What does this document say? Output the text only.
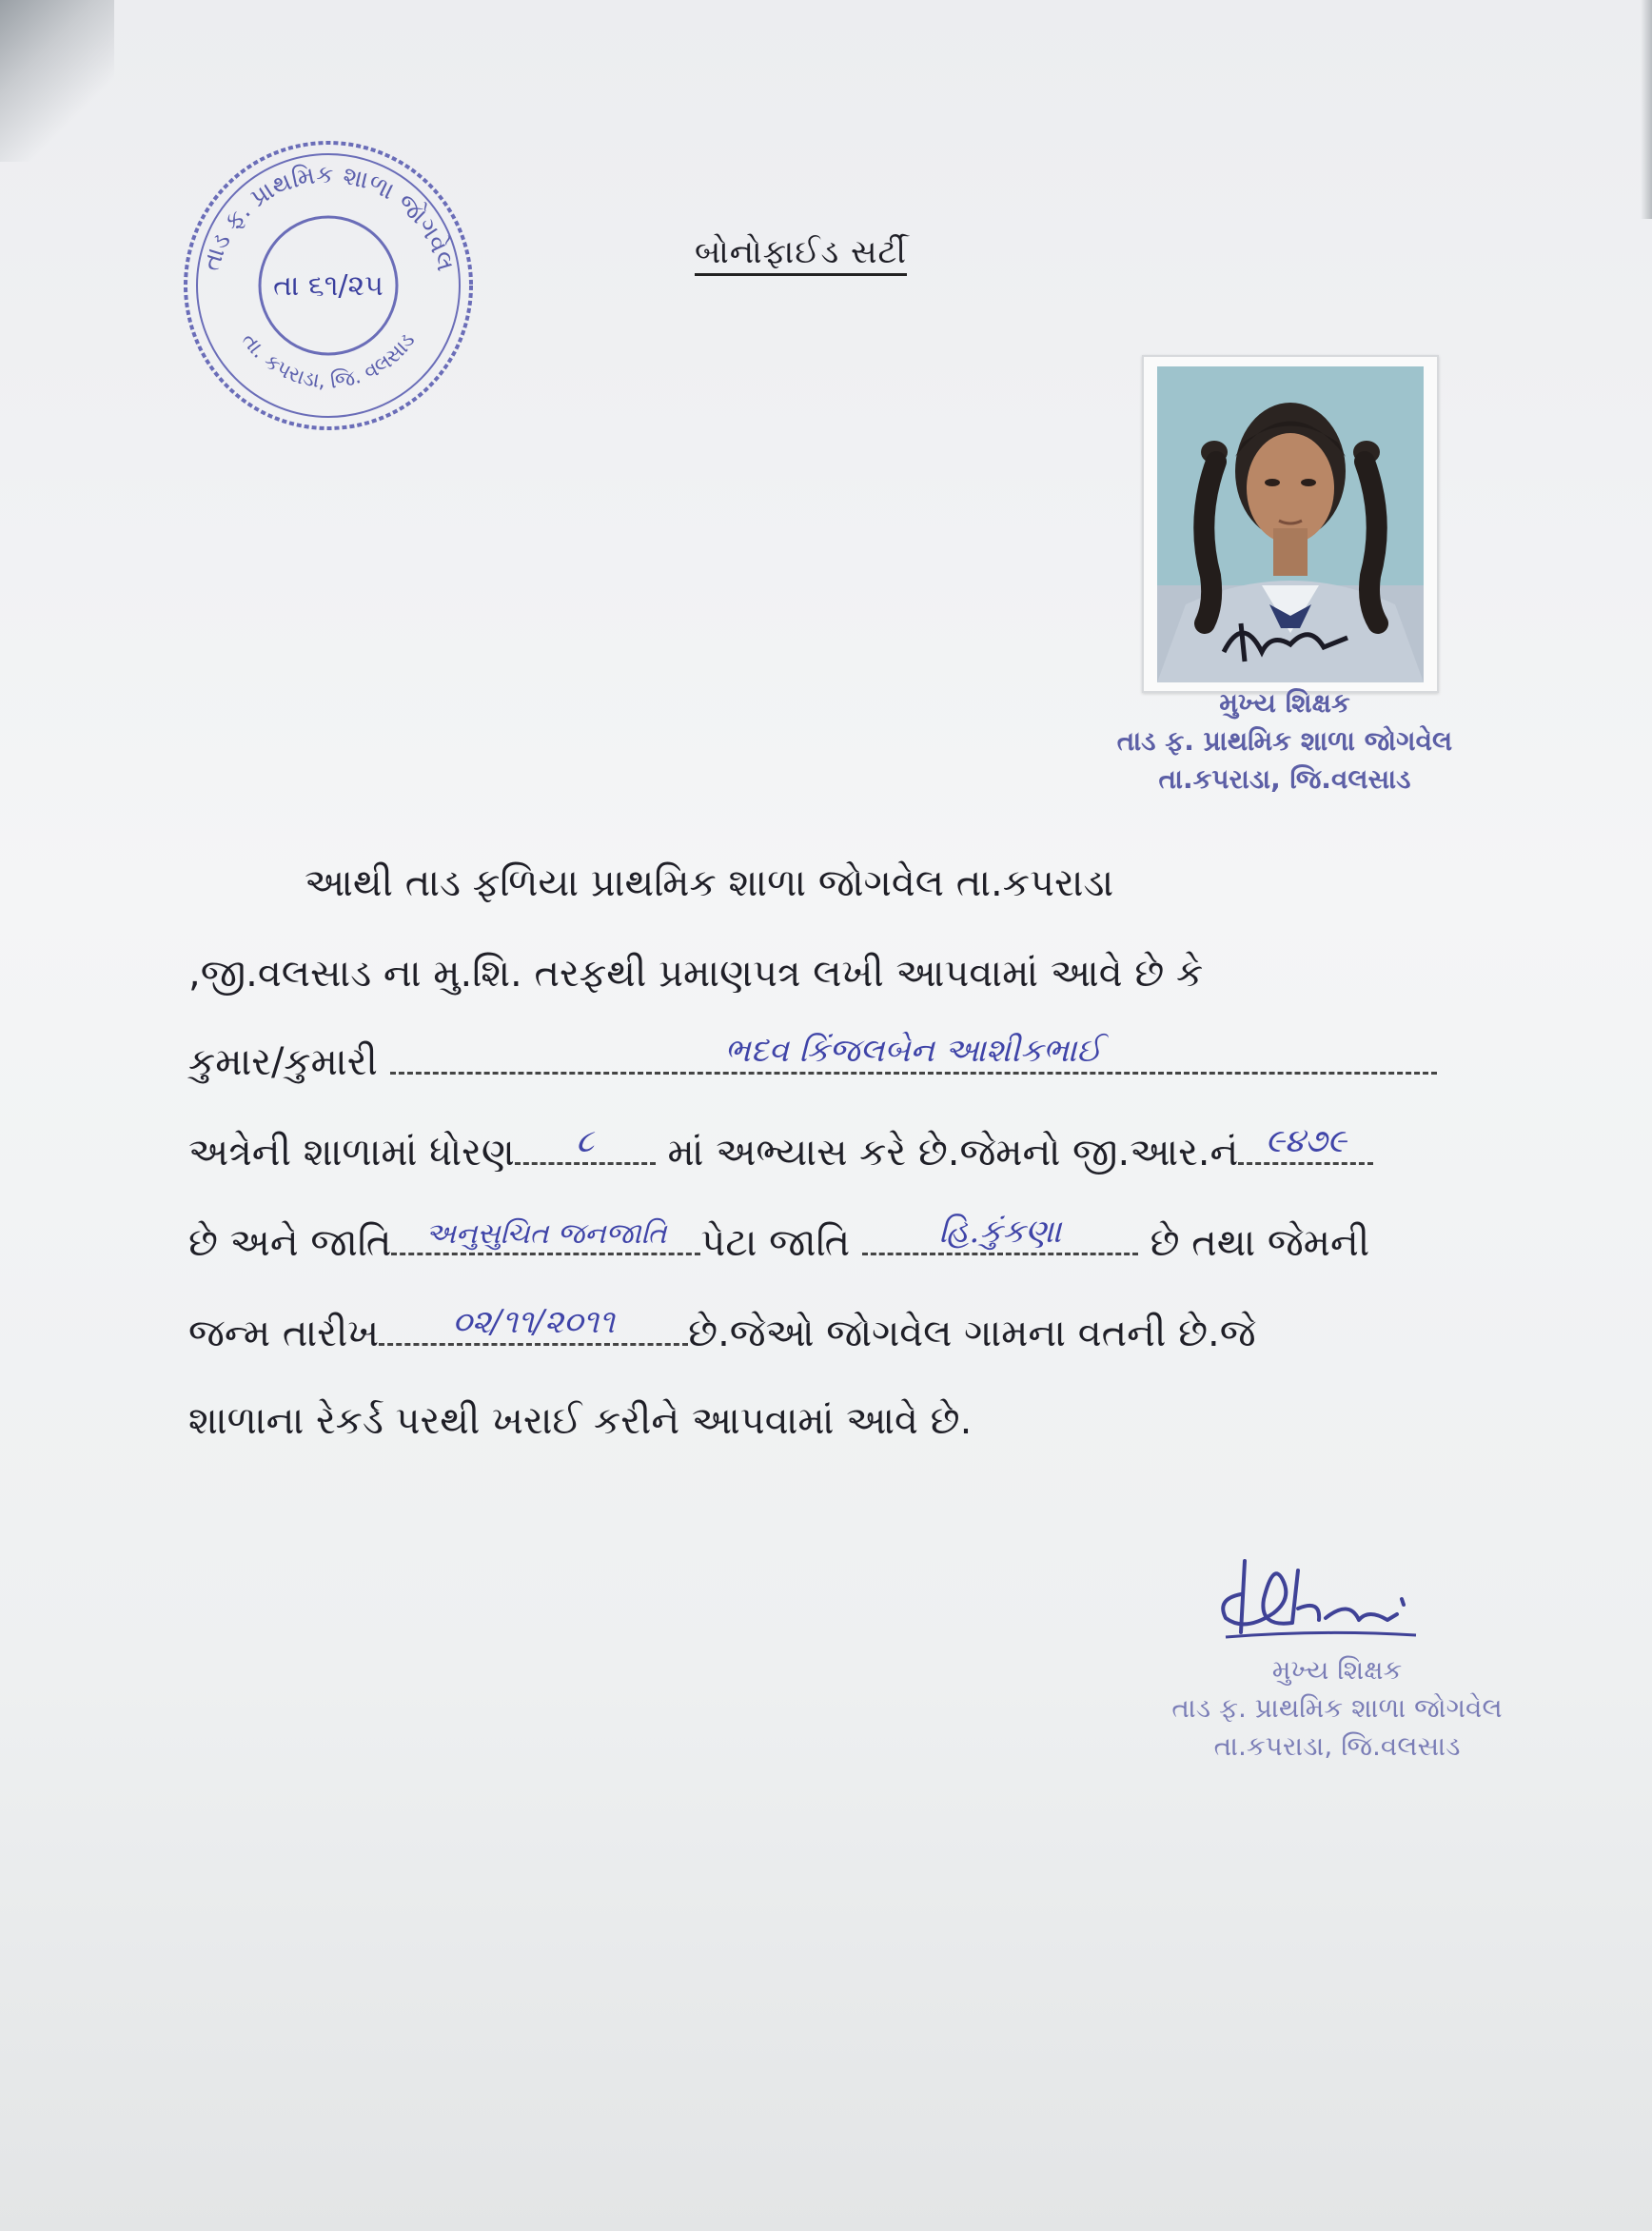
તાડ ફ. પ્રાથમિક શાળા જોગવેલ
તા. કપરાડા, જિ. વલસાડ
તા ૬૧/૨૫
બોનોફાઈડ સર્ટી
મુખ્ય શિક્ષક
તાડ ફ. પ્રાથમિક શાળા જોગવેલ
તા.કપરાડા, જિ.વલસાડ
આથી તાડ ફળિયા પ્રાથમિક શાળા જોગવેલ તા.કપરાડા
,જી.વલસાડ ના મુ.શિ. તરફથી પ્રમાણપત્ર લખી આપવામાં આવે છે કે
કુમાર/કુમારી	ભદવ કિંજલબેન આશીકભાઈ
અત્રેની શાળામાં ધોરણ	૮	માં અભ્યાસ કરે છે.જેમનો જી.આર.નં ૯૪૭૯
છે અને જાતિ	અનુસુચિત જનજાતિ પેટા જાતિ	હિ.કુંકણા	છે તથા જેમની
જન્મ તારીખ	૦૨/૧૧/૨૦૧૧	છે.જેઓ જોગવેલ ગામના વતની છે.જે
શાળાના રેકર્ડ પરથી ખરાઈ કરીને આપવામાં આવે છે.
મુખ્ય શિક્ષક
તાડ ફ. પ્રાથમિક શાળા જોગવેલ
તા.કપરાડા, જિ.વલસાડ
